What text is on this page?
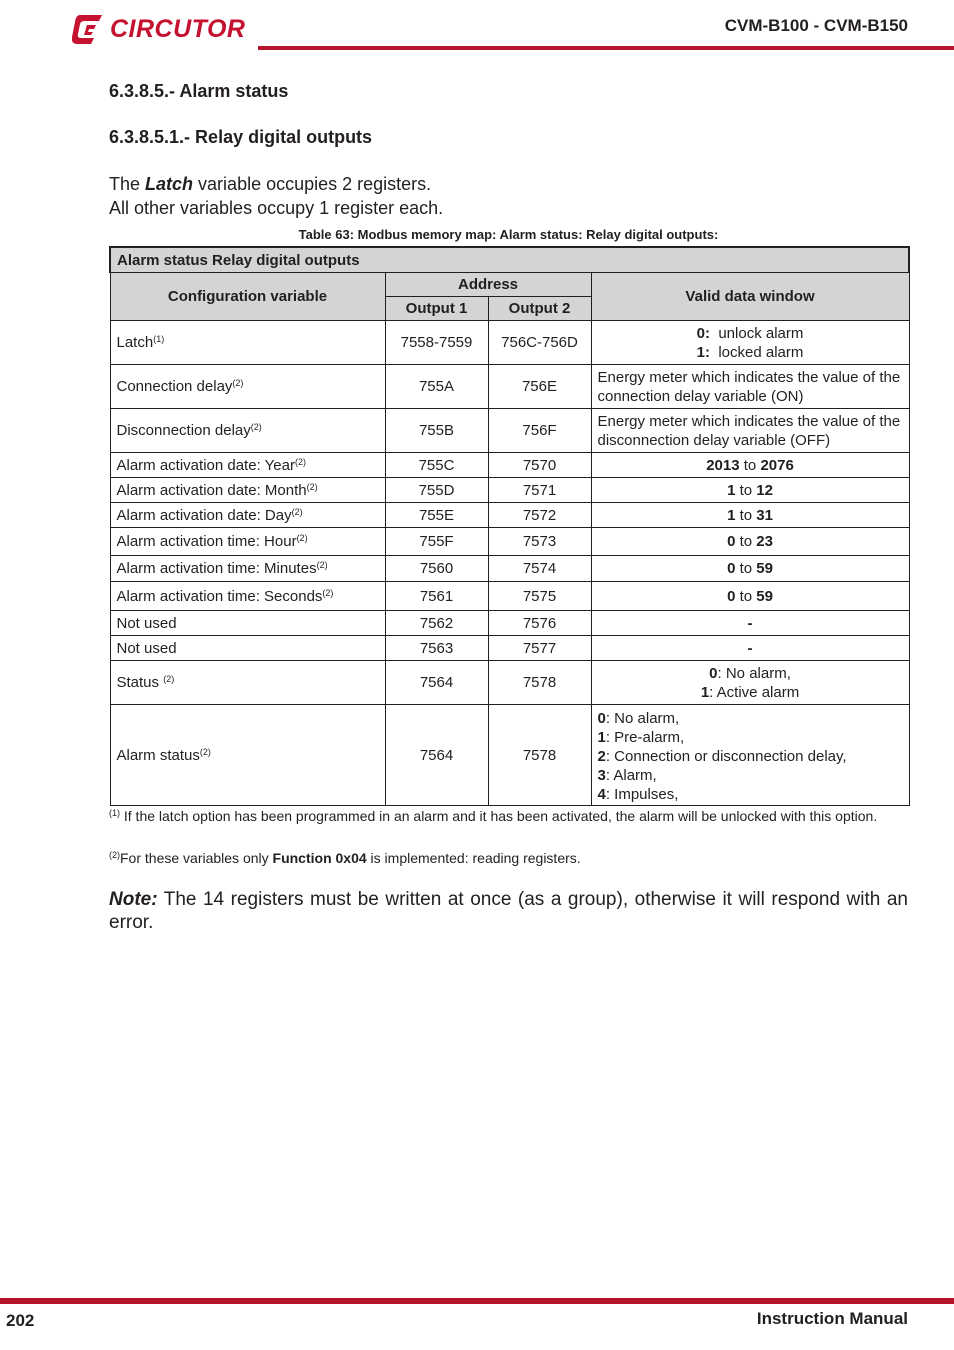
CIRCUTOR	CVM-B100 - CVM-B150
6.3.8.5.- Alarm status
6.3.8.5.1.- Relay digital outputs

The Latch variable occupies 2 registers.

All other variables occupy 1 register each.

Table 63: Modbus memory map: Alarm status: Relay digital outputs:
Alarm status Relay digital outputs			
Configuration variable	Address		Valid data window
	Output 1	Output 2	
Latch$^{(1)}$	7558-7559	756C-756D	0: unlock alarm
1: locked alarm

Connection delay$^{(2)}$	755A	756E	Energy meter which indicates the value of the connection delay variable (ON)
Disconnection delay$^{(2)}$	755B	756F	Energy meter which indicates the value of the disconnection delay variable (OFF)
Alarm activation date: Year$^{(2)}$	755C	7570	2013 to 2076
Alarm activation date: Month$^{(2)}$	755D	7571	1 to 12
Alarm activation date: Day$^{(2)}$	755E	7572	1 to 31
Alarm activation time: Hour$^{(2)}$	755F	7573	0 to 23
Alarm activation time: Minutes$^{(2)}$	7560	7574	0 to 59
Alarm activation time: Seconds$^{(2)}$	7561	7575	0 to 59
Not used	7562	7576	-
Not used	7563	7577	-
Status $^{(2)}$	7564	7578	0: No alarm,
1: Active alarm

Alarm status$^{(2)}$	7564	7578	0: No alarm,
1: Pre-alarm,
2: Connection or disconnection delay,
3: Alarm,
4: Impulses,
$^{(1)}$ If the latch option has been programmed in an alarm and it has been activated, the alarm will be unlocked with this option.
$^{(2)}$For these variables only Function 0x04 is implemented: reading registers.
Note: The 14 registers must be written at once (as a group), otherwise it will respond with an error.
202	Instruction Manual
